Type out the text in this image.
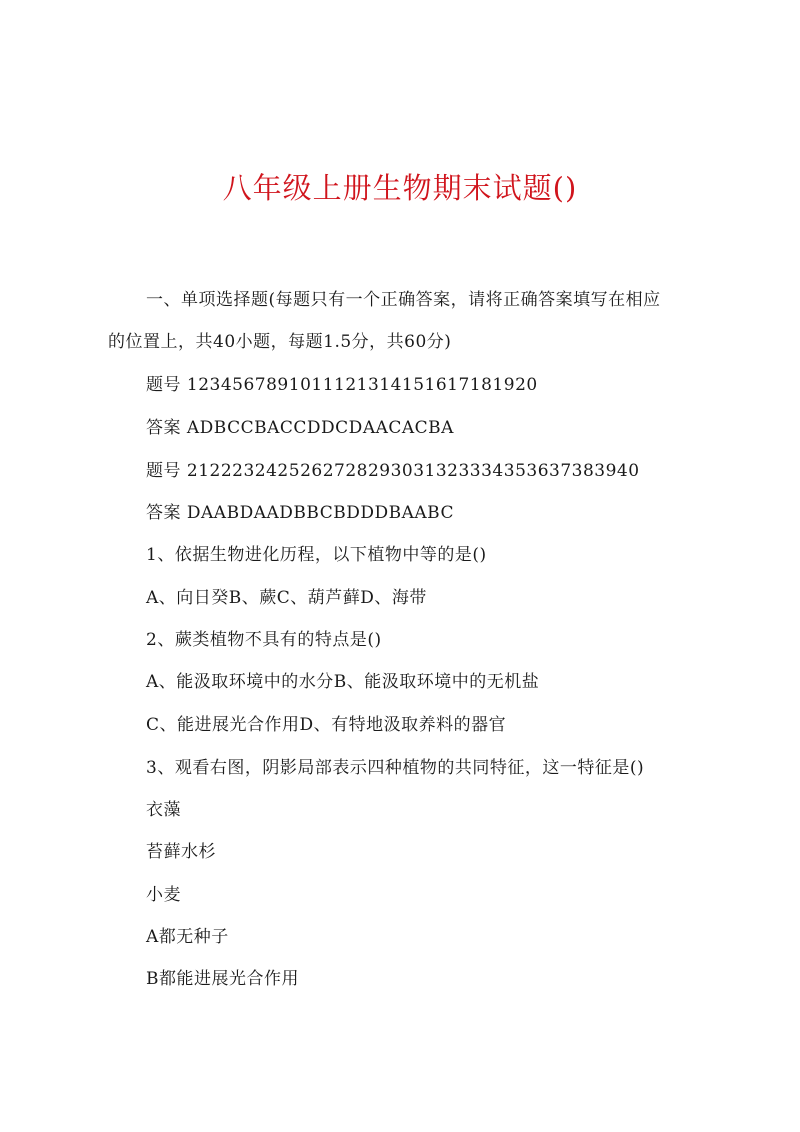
八年级上册生物期末试题()
一、单项选择题(每题只有一个正确答案，请将正确答案填写在相应
的位置上，共40小题，每题1.5分，共60分)
题号 1234567891011121314151617181920
答案 ADBCCBACCDDCDAACACBA
题号 2122232425262728293031323334353637383940
答案 DAABDAADBBCBDDDBAABC
1、依据生物进化历程，以下植物中等的是()
A、向日癸B、蕨C、葫芦藓D、海带
2、蕨类植物不具有的特点是()
A、能汲取环境中的水分B、能汲取环境中的无机盐
C、能进展光合作用D、有特地汲取养料的器官
3、观看右图，阴影局部表示四种植物的共同特征，这一特征是()
衣藻
苔藓水杉
小麦
A都无种子
B都能进展光合作用
